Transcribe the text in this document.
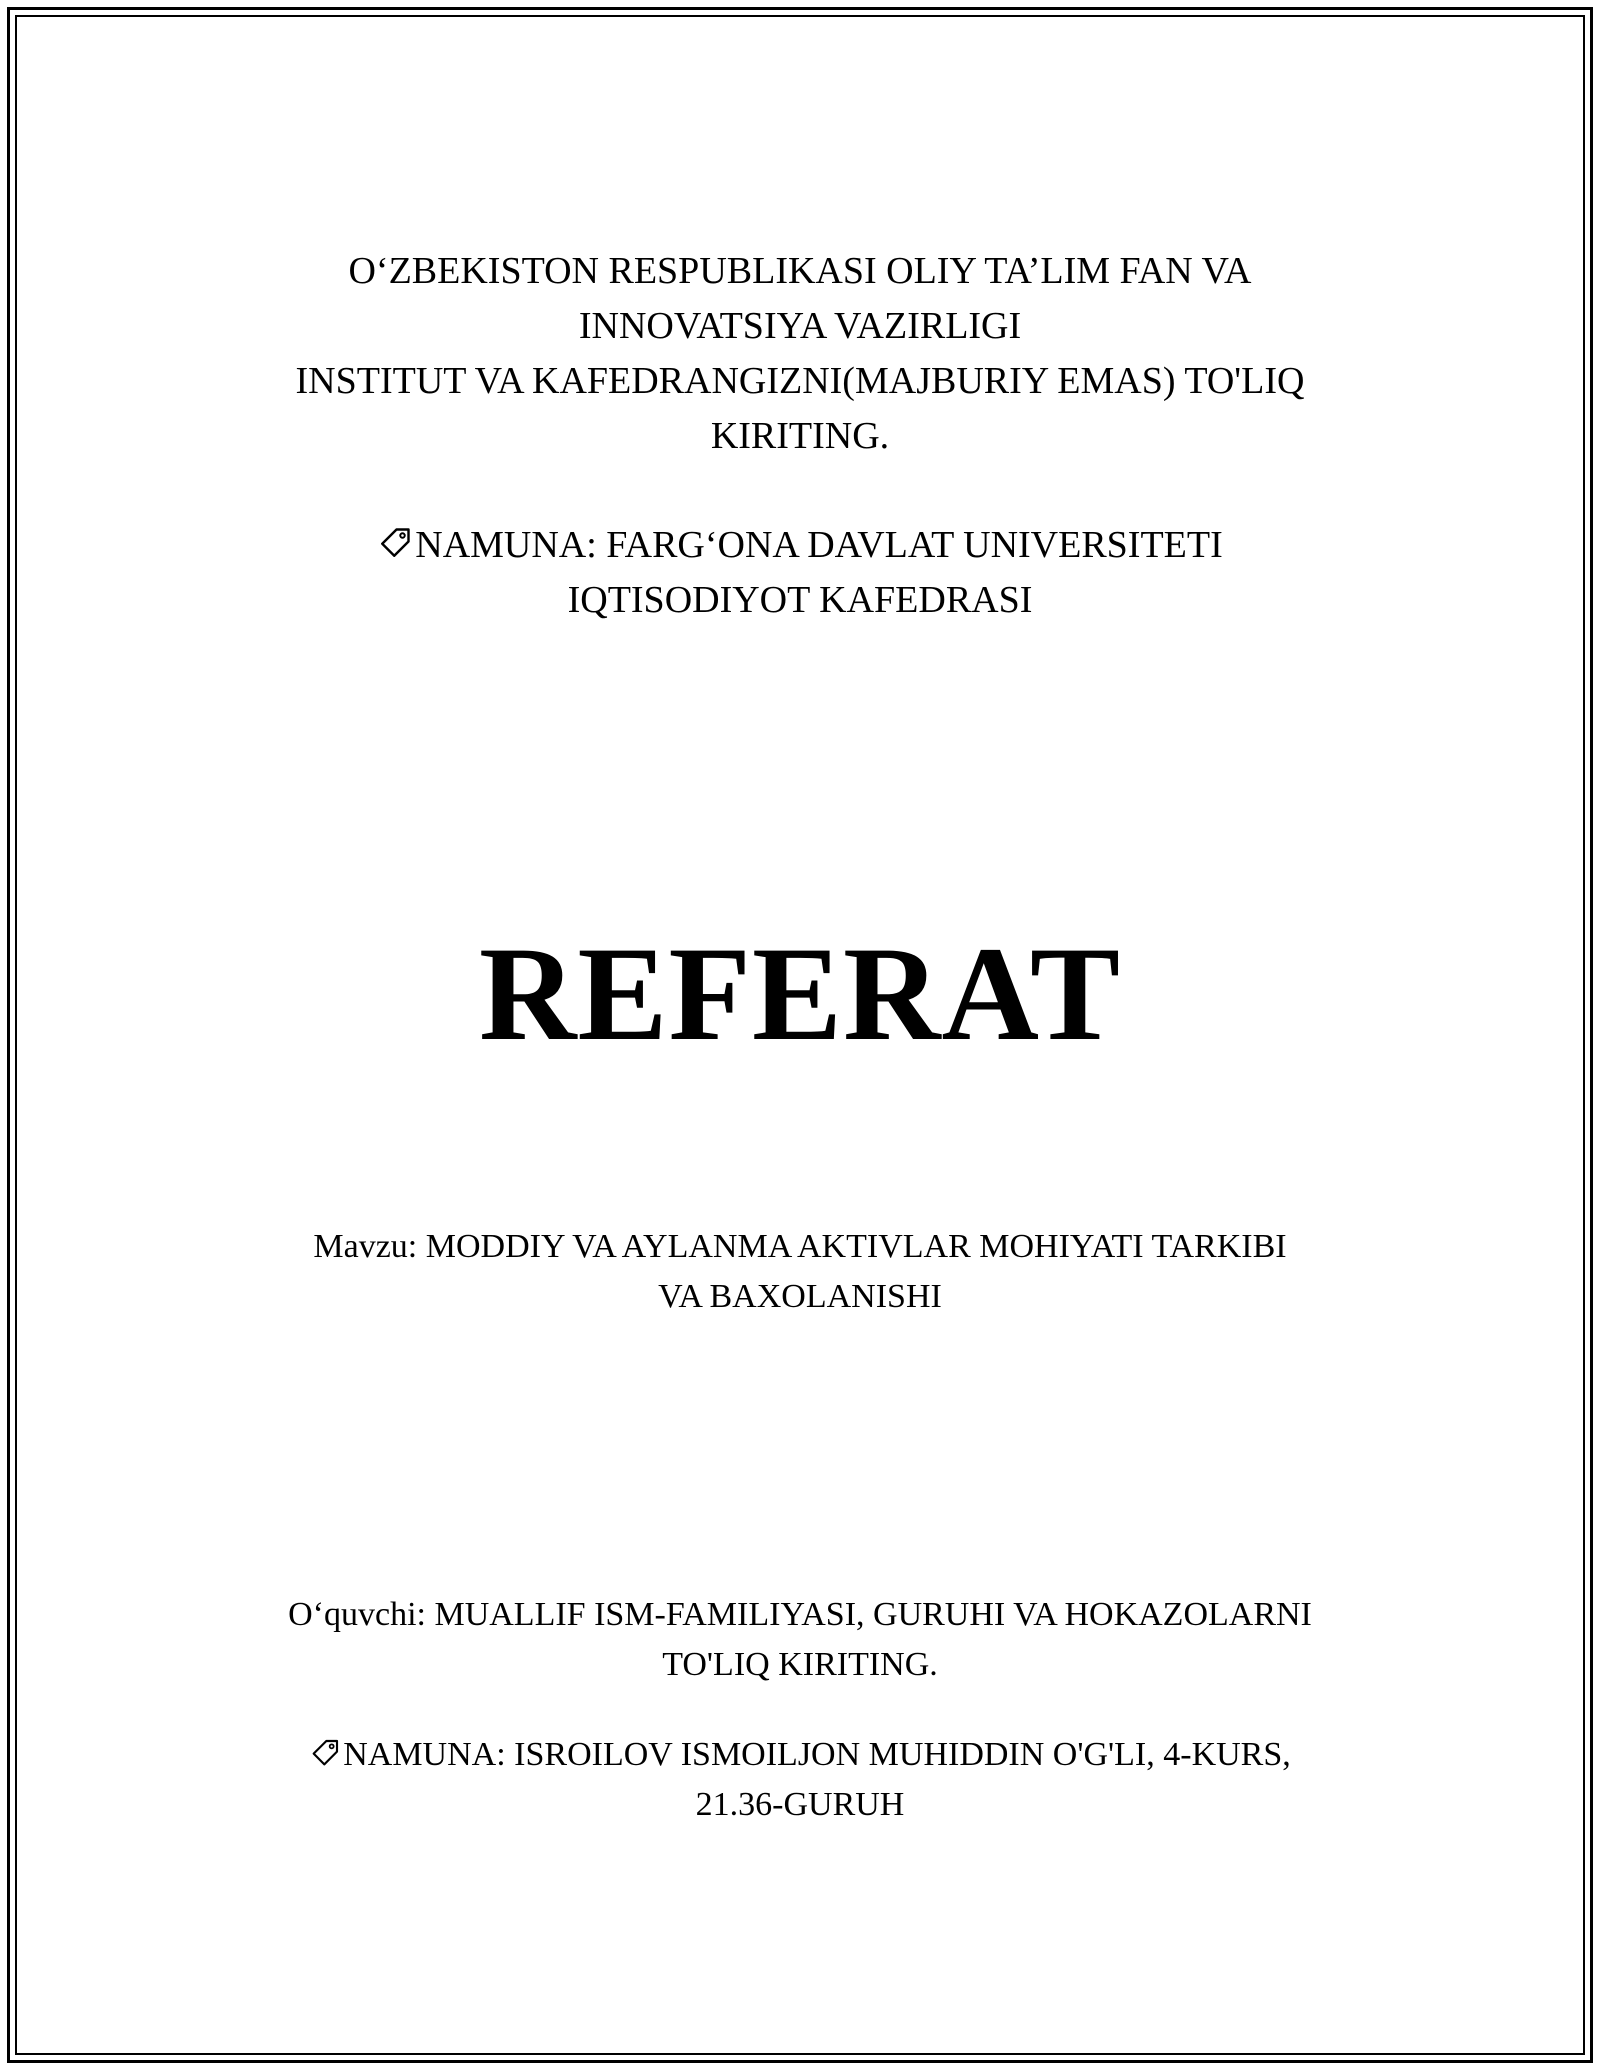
O‘ZBEKISTON RESPUBLIKASI OLIY TA’LIM FAN VA
INNOVATSIYA VAZIRLIGI
INSTITUT VA KAFEDRANGIZNI(MAJBURIY EMAS) TO'LIQ
KIRITING.
NAMUNA: FARG‘ONA DAVLAT UNIVERSITETI
IQTISODIYOT KAFEDRASI
REFERAT
Mavzu: MODDIY VA AYLANMA AKTIVLAR MOHIYATI TARKIBI
VA BAXOLANISHI
O‘quvchi: MUALLIF ISM-FAMILIYASI, GURUHI VA HOKAZOLARNI
TO'LIQ KIRITING.
NAMUNA: ISROILOV ISMOILJON MUHIDDIN O'G'LI, 4-KURS,
21.36-GURUH
